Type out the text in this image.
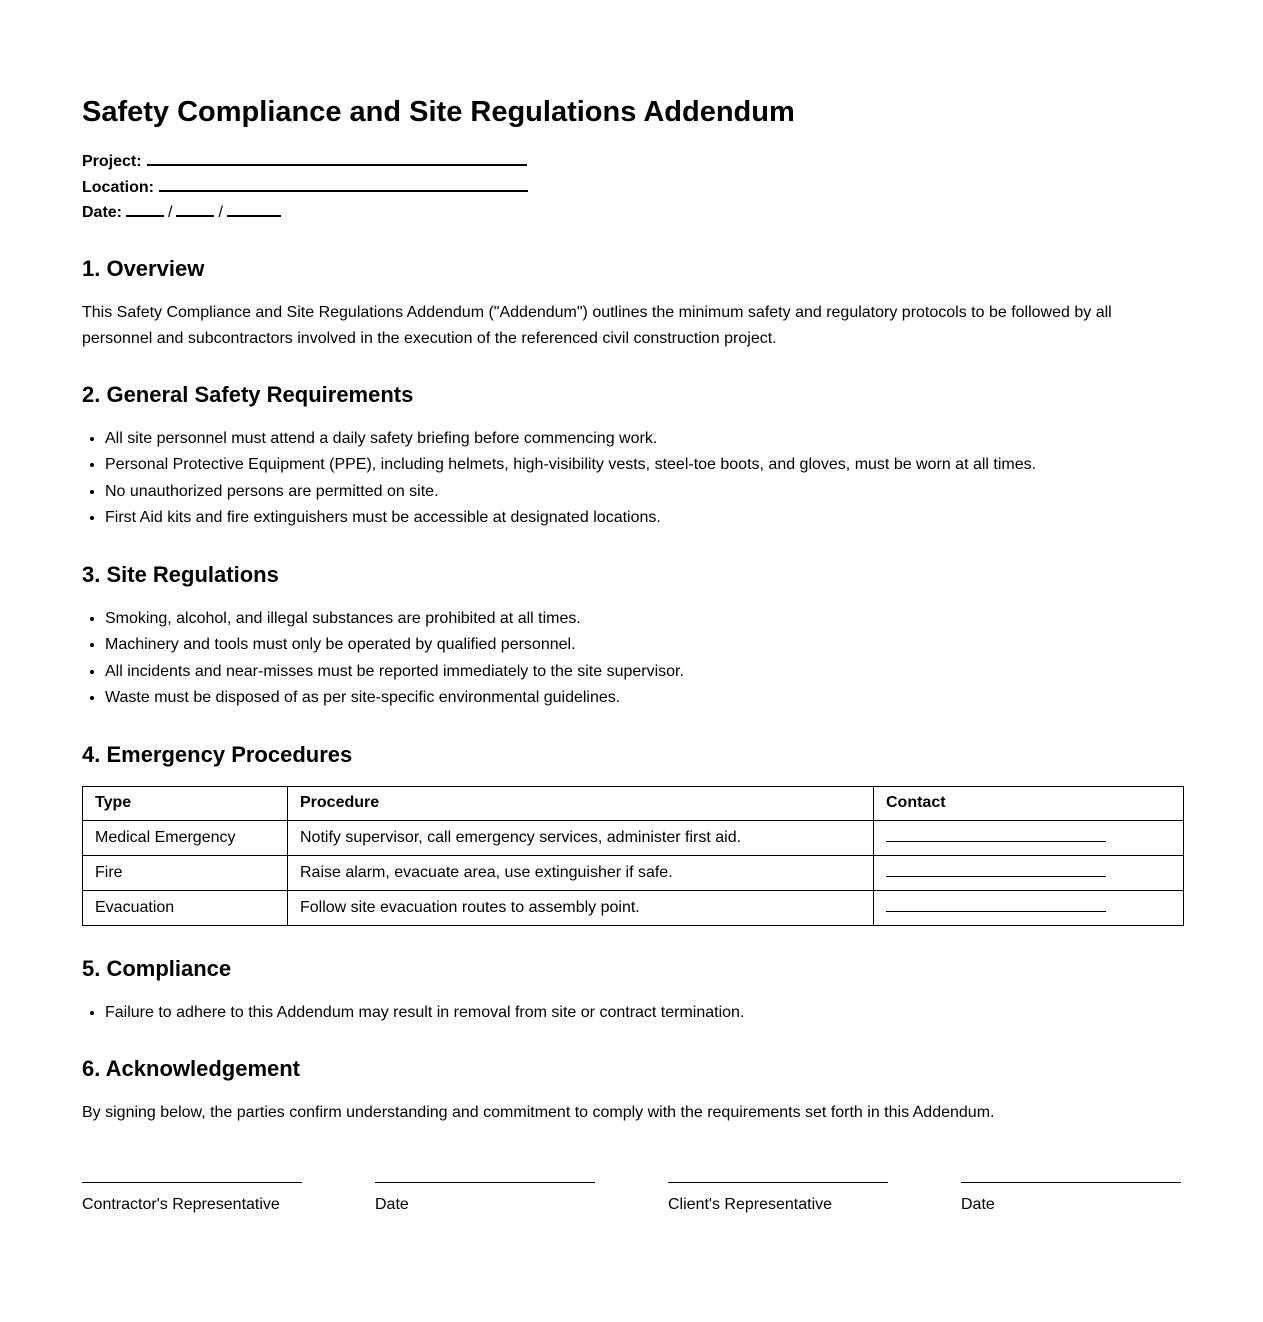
Safety Compliance and Site Regulations Addendum
Project:
Location:
Date:	/	/
1. Overview

This Safety Compliance and Site Regulations Addendum ("Addendum") outlines the minimum safety and regulatory protocols to be followed by all personnel and subcontractors involved in the execution of the referenced civil construction project.

2. General Safety Requirements
• All site personnel must attend a daily safety briefing before commencing work.
• Personal Protective Equipment (PPE), including helmets, high-visibility vests, steel-toe boots, and gloves, must be worn at all times.
• No unauthorized persons are permitted on site.
• First Aid kits and fire extinguishers must be accessible at designated locations.
3. Site Regulations
• Smoking, alcohol, and illegal substances are prohibited at all times.
• Machinery and tools must only be operated by qualified personnel.
• All incidents and near-misses must be reported immediately to the site supervisor.
• Waste must be disposed of as per site-specific environmental guidelines.
4. Emergency Procedures
Type	Procedure	Contact
Medical Emergency	Notify supervisor, call emergency services, administer first aid.	
Fire	Raise alarm, evacuate area, use extinguisher if safe.	
Evacuation	Follow site evacuation routes to assembly point.	
5. Compliance
• Failure to adhere to this Addendum may result in removal from site or contract termination.
6. Acknowledgement

By signing below, the parties confirm understanding and commitment to comply with the requirements set forth in this Addendum.

Contractor's Representative	Date	Client's Representative	Date
